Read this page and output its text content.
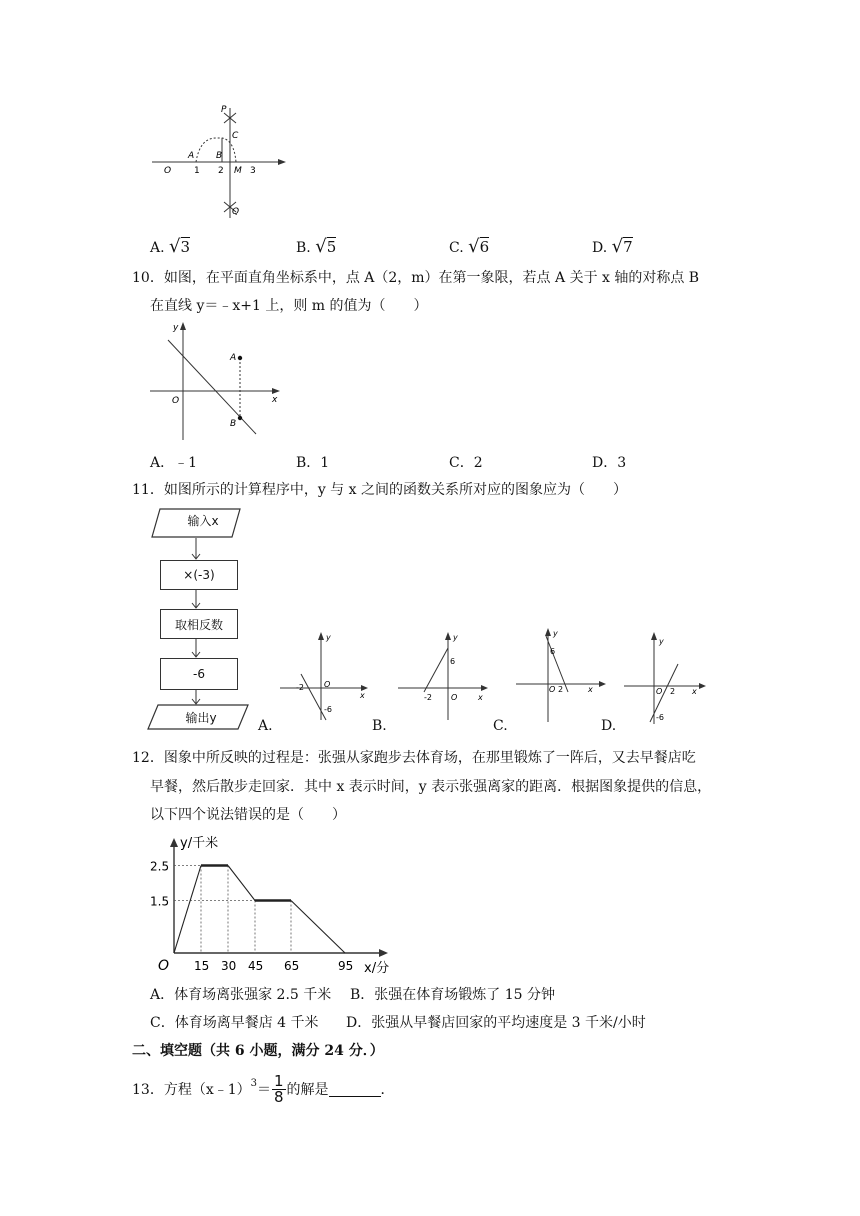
P
C
A B
O	1 2 M 3
Q
A. √3	B. √5	C. √6	D. √7
10．如图，在平面直角坐标系中，点 A（2，m）在第一象限，若点 A 关于 x 轴的对称点 B
在直线 y＝﹣x+1 上，则 m 的值为（　　）
y
A
O	x
B
A．﹣1	B．1	C．2	D．3
11．如图所示的计算程序中，y 与 x 之间的函数关系所对应的图象应为（　　）
输入x
×(-3)
取相反数
-6
输出y
y
-2	O
x
-6
A.
y
6
-2 O	x
B.
y
6
O 2	x
C.
y
O 2 x
-6
D.
12．图象中所反映的过程是：张强从家跑步去体育场，在那里锻炼了一阵后，又去早餐店吃
早餐，然后散步走回家．其中 x 表示时间，y 表示张强离家的距离．根据图象提供的信息，
以下四个说法错误的是（　　）
15 30 45 65	95
1.5
2.5
O
y/千米
x/分
A．体育场离张强家 2.5 千米 B．张强在体育场锻炼了 15 分钟
C．体育场离早餐店 4 千米 D．张强从早餐店回家的平均速度是 3 千米/小时
二、填空题（共 6 小题，满分 24 分．）
13．方程（x﹣1）$^3$ ＝ 1
8 的解是	．
